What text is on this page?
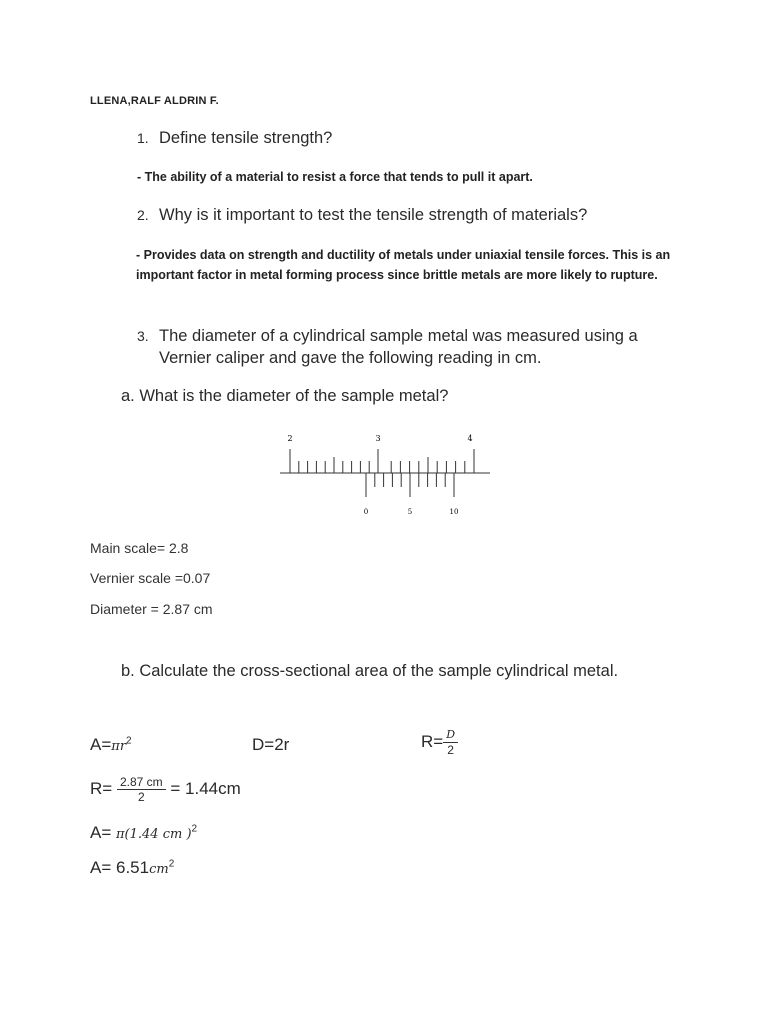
LLENA,RALF ALDRIN F.
1. Define tensile strength?
- The ability of a material to resist a force that tends to pull it apart.
2. Why is it important to test the tensile strength of materials?
- Provides data on strength and ductility of metals under uniaxial tensile forces. This is an important factor in metal forming process since brittle metals are more likely to rupture.
3. The diameter of a cylindrical sample metal was measured using a
Vernier caliper and gave the following reading in cm.
a. What is the diameter of the sample metal?
2	3	4
0	5	10
Main scale= 2.8
Vernier scale =0.07
Diameter = 2.87 cm
b. Calculate the cross-sectional area of the sample cylindrical metal.
$A=\pi r^2$	D=2r	$R= \frac{D}{2}$
$R= \frac{2.87 cm}{2} = 1.44cm$
A= π(1.44 cm )$^2$
$A= 6.51cm^2$
